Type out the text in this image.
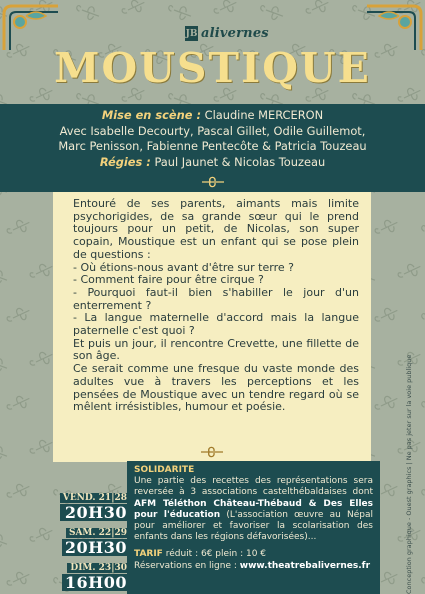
JB alivernes
MOUSTIQUE
Mise en scène : Claudine MERCERON
Avec Isabelle Decourty, Pascal Gillet, Odile Guillemot,
Marc Penisson, Fabienne Pentecôte & Patricia Touzeau
Régies : Paul Jaunet & Nicolas Touzeau

Entouré de ses parents, aimants mais limite psychorigides, de sa grande sœur qui le prend toujours pour un petit, de Nicolas, son super copain, Moustique est un enfant qui se pose plein de questions :

- Où étions-nous avant d'être sur terre ?

- Comment faire pour être cirque ?

- Pourquoi faut-il bien s'habiller le jour d'un enterrement ?

- La langue maternelle d'accord mais la langue paternelle c'est quoi ?

Et puis un jour, il rencontre Crevette, une fillette de son âge.

Ce serait comme une fresque du vaste monde des adultes vue à travers les perceptions et les pensées de Moustique avec un tendre regard où se mêlent irrésistibles, humour et poésie.

VEND. 21|28
20H30
SAM. 22|29
20H30
DIM. 23|30
16H00
SOLIDARITE
Une partie des recettes des représentations sera reversée à 3 associations castelthébaldaises dont AFM Téléthon Château-Thébaud & Des Elles pour l'éducation (L'association œuvre au Népal pour améliorer et favoriser la scolarisation des enfants dans les régions défavorisées)...
TARIF réduit : 6€ plein : 10 €
Réservations en ligne : www.theatrebalivernes.fr	Conception graphique - Ouest graphics | Ne pas jeter sur la voie publique
